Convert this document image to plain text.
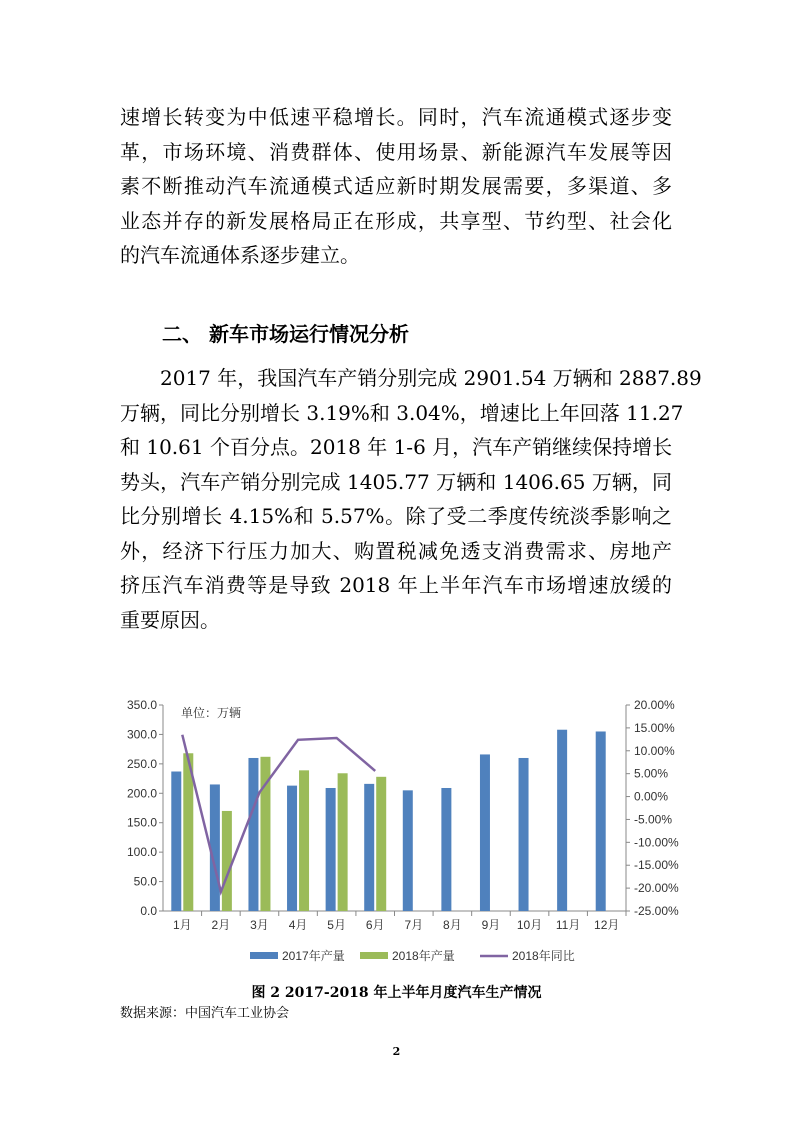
速增长转变为中低速平稳增长。同时，汽车流通模式逐步变
革，市场环境、消费群体、使用场景、新能源汽车发展等因
素不断推动汽车流通模式适应新时期发展需要，多渠道、多
业态并存的新发展格局正在形成，共享型、节约型、社会化
的汽车流通体系逐步建立。
二、 新车市场运行情况分析
　　2017 年，我国汽车产销分别完成 2901.54 万辆和 2887.89
万辆，同比分别增长 3.19%和 3.04%，增速比上年回落 11.27
和 10.61 个百分点。2018 年 1-6 月，汽车产销继续保持增长
势头，汽车产销分别完成 1405.77 万辆和 1406.65 万辆，同
比分别增长 4.15%和 5.57%。除了受二季度传统淡季影响之
外，经济下行压力加大、购置税减免透支消费需求、房地产
挤压汽车消费等是导致 2018 年上半年汽车市场增速放缓的
重要原因。
0.0
50.0
100.0
150.0
200.0
250.0
300.0
350.0
-25.00%
-20.00%
-15.00%
-10.00%
-5.00%
0.00%
5.00%
10.00%
15.00%
20.00%
单位：万辆
1月 2月 3月 4月 5月 6月 7月 8月 9月 10月 11月 12月
2017年产量	2018年产量	2018年同比
图 2 2017-2018 年上半年月度汽车生产情况
数据来源：中国汽车工业协会
2
